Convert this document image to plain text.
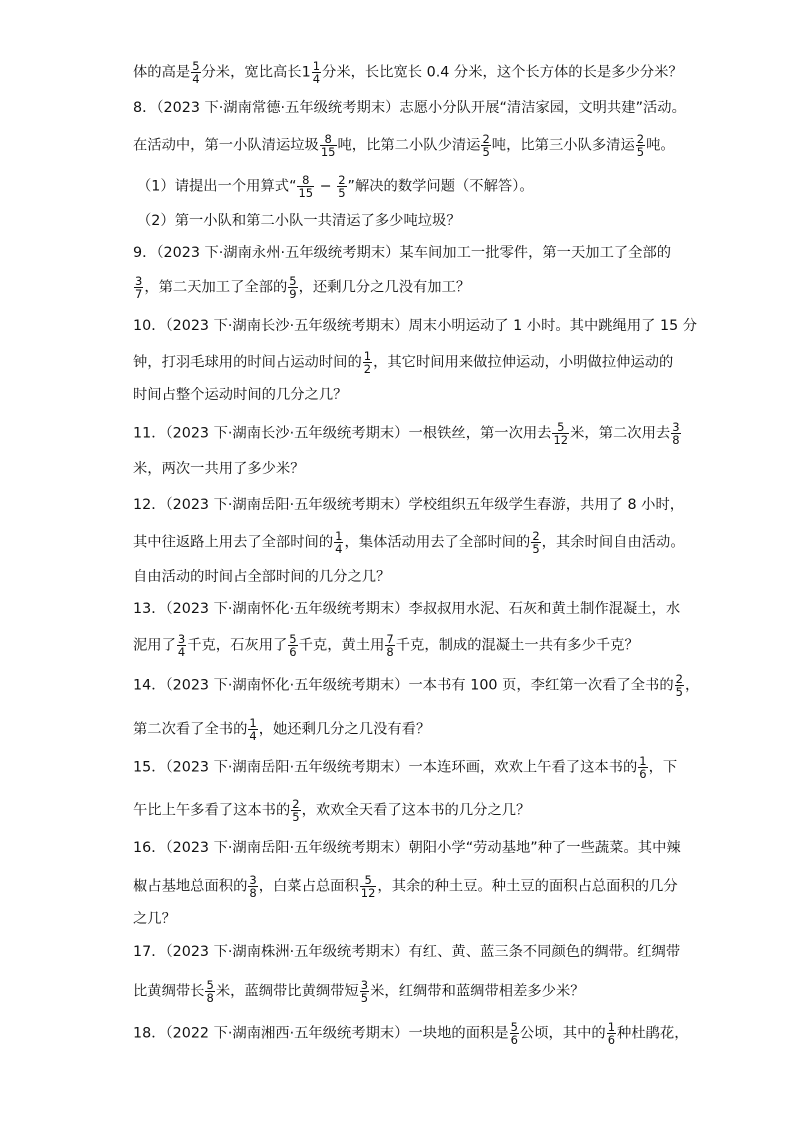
体的高是 $\frac{5}{4}$ 分米，宽比高长$1 \frac{1}{4}$ 分米，长比宽长 0.4 分米，这个长方体的长是多少分米？
8．（2023 下·湖南常德·五年级统考期末）志愿小分队开展“清洁家园，文明共建”活动。
在活动中，第一小队清运垃圾 $\frac{8}{15}$ 吨，比第二小队少清运 $\frac{2}{5}$ 吨，比第三小队多清运 $\frac{2}{5}$ 吨。
（1）请提出一个用算式“ $\frac{8}{15} - \frac{2}{5}$ ”解决的数学问题（不解答）。
（2）第一小队和第二小队一共清运了多少吨垃圾？
9．（2023 下·湖南永州·五年级统考期末）某车间加工一批零件，第一天加工了全部的
$\frac{3}{7}$ ，第二天加工了全部的 $\frac{5}{9}$ ，还剩几分之几没有加工？
10．（2023 下·湖南长沙·五年级统考期末）周末小明运动了 1 小时。其中跳绳用了 15 分
钟，打羽毛球用的时间占运动时间的 $\frac{1}{2}$ ，其它时间用来做拉伸运动，小明做拉伸运动的
时间占整个运动时间的几分之几？
11．（2023 下·湖南长沙·五年级统考期末）一根铁丝，第一次用去 $\frac{5}{12}$ 米，第二次用去 $\frac{3}{8}$
米，两次一共用了多少米？
12．（2023 下·湖南岳阳·五年级统考期末）学校组织五年级学生春游，共用了 8 小时，
其中往返路上用去了全部时间的 $\frac{1}{4}$ ，集体活动用去了全部时间的 $\frac{2}{5}$ ，其余时间自由活动。
自由活动的时间占全部时间的几分之几？
13．（2023 下·湖南怀化·五年级统考期末）李叔叔用水泥、石灰和黄土制作混凝土，水
泥用了 $\frac{3}{4}$ 千克，石灰用了 $\frac{5}{6}$ 千克，黄土用 $\frac{7}{8}$ 千克，制成的混凝土一共有多少千克？
14．（2023 下·湖南怀化·五年级统考期末）一本书有 100 页，李红第一次看了全书的 $\frac{2}{5}$ ，
第二次看了全书的 $\frac{1}{4}$ ，她还剩几分之几没有看？
15．（2023 下·湖南岳阳·五年级统考期末）一本连环画，欢欢上午看了这本书的 $\frac{1}{6}$ ，下
午比上午多看了这本书的 $\frac{2}{5}$ ，欢欢全天看了这本书的几分之几？
16．（2023 下·湖南岳阳·五年级统考期末）朝阳小学“劳动基地”种了一些蔬菜。其中辣
椒占基地总面积的 $\frac{3}{8}$ ，白菜占总面积 $\frac{5}{12}$ ，其余的种土豆。种土豆的面积占总面积的几分
之几？
17．（2023 下·湖南株洲·五年级统考期末）有红、黄、蓝三条不同颜色的绸带。红绸带
比黄绸带长 $\frac{5}{8}$ 米，蓝绸带比黄绸带短 $\frac{3}{5}$ 米，红绸带和蓝绸带相差多少米？
18．（2022 下·湖南湘西·五年级统考期末）一块地的面积是 $\frac{5}{6}$ 公顷，其中的 $\frac{1}{6}$ 种杜鹃花，
